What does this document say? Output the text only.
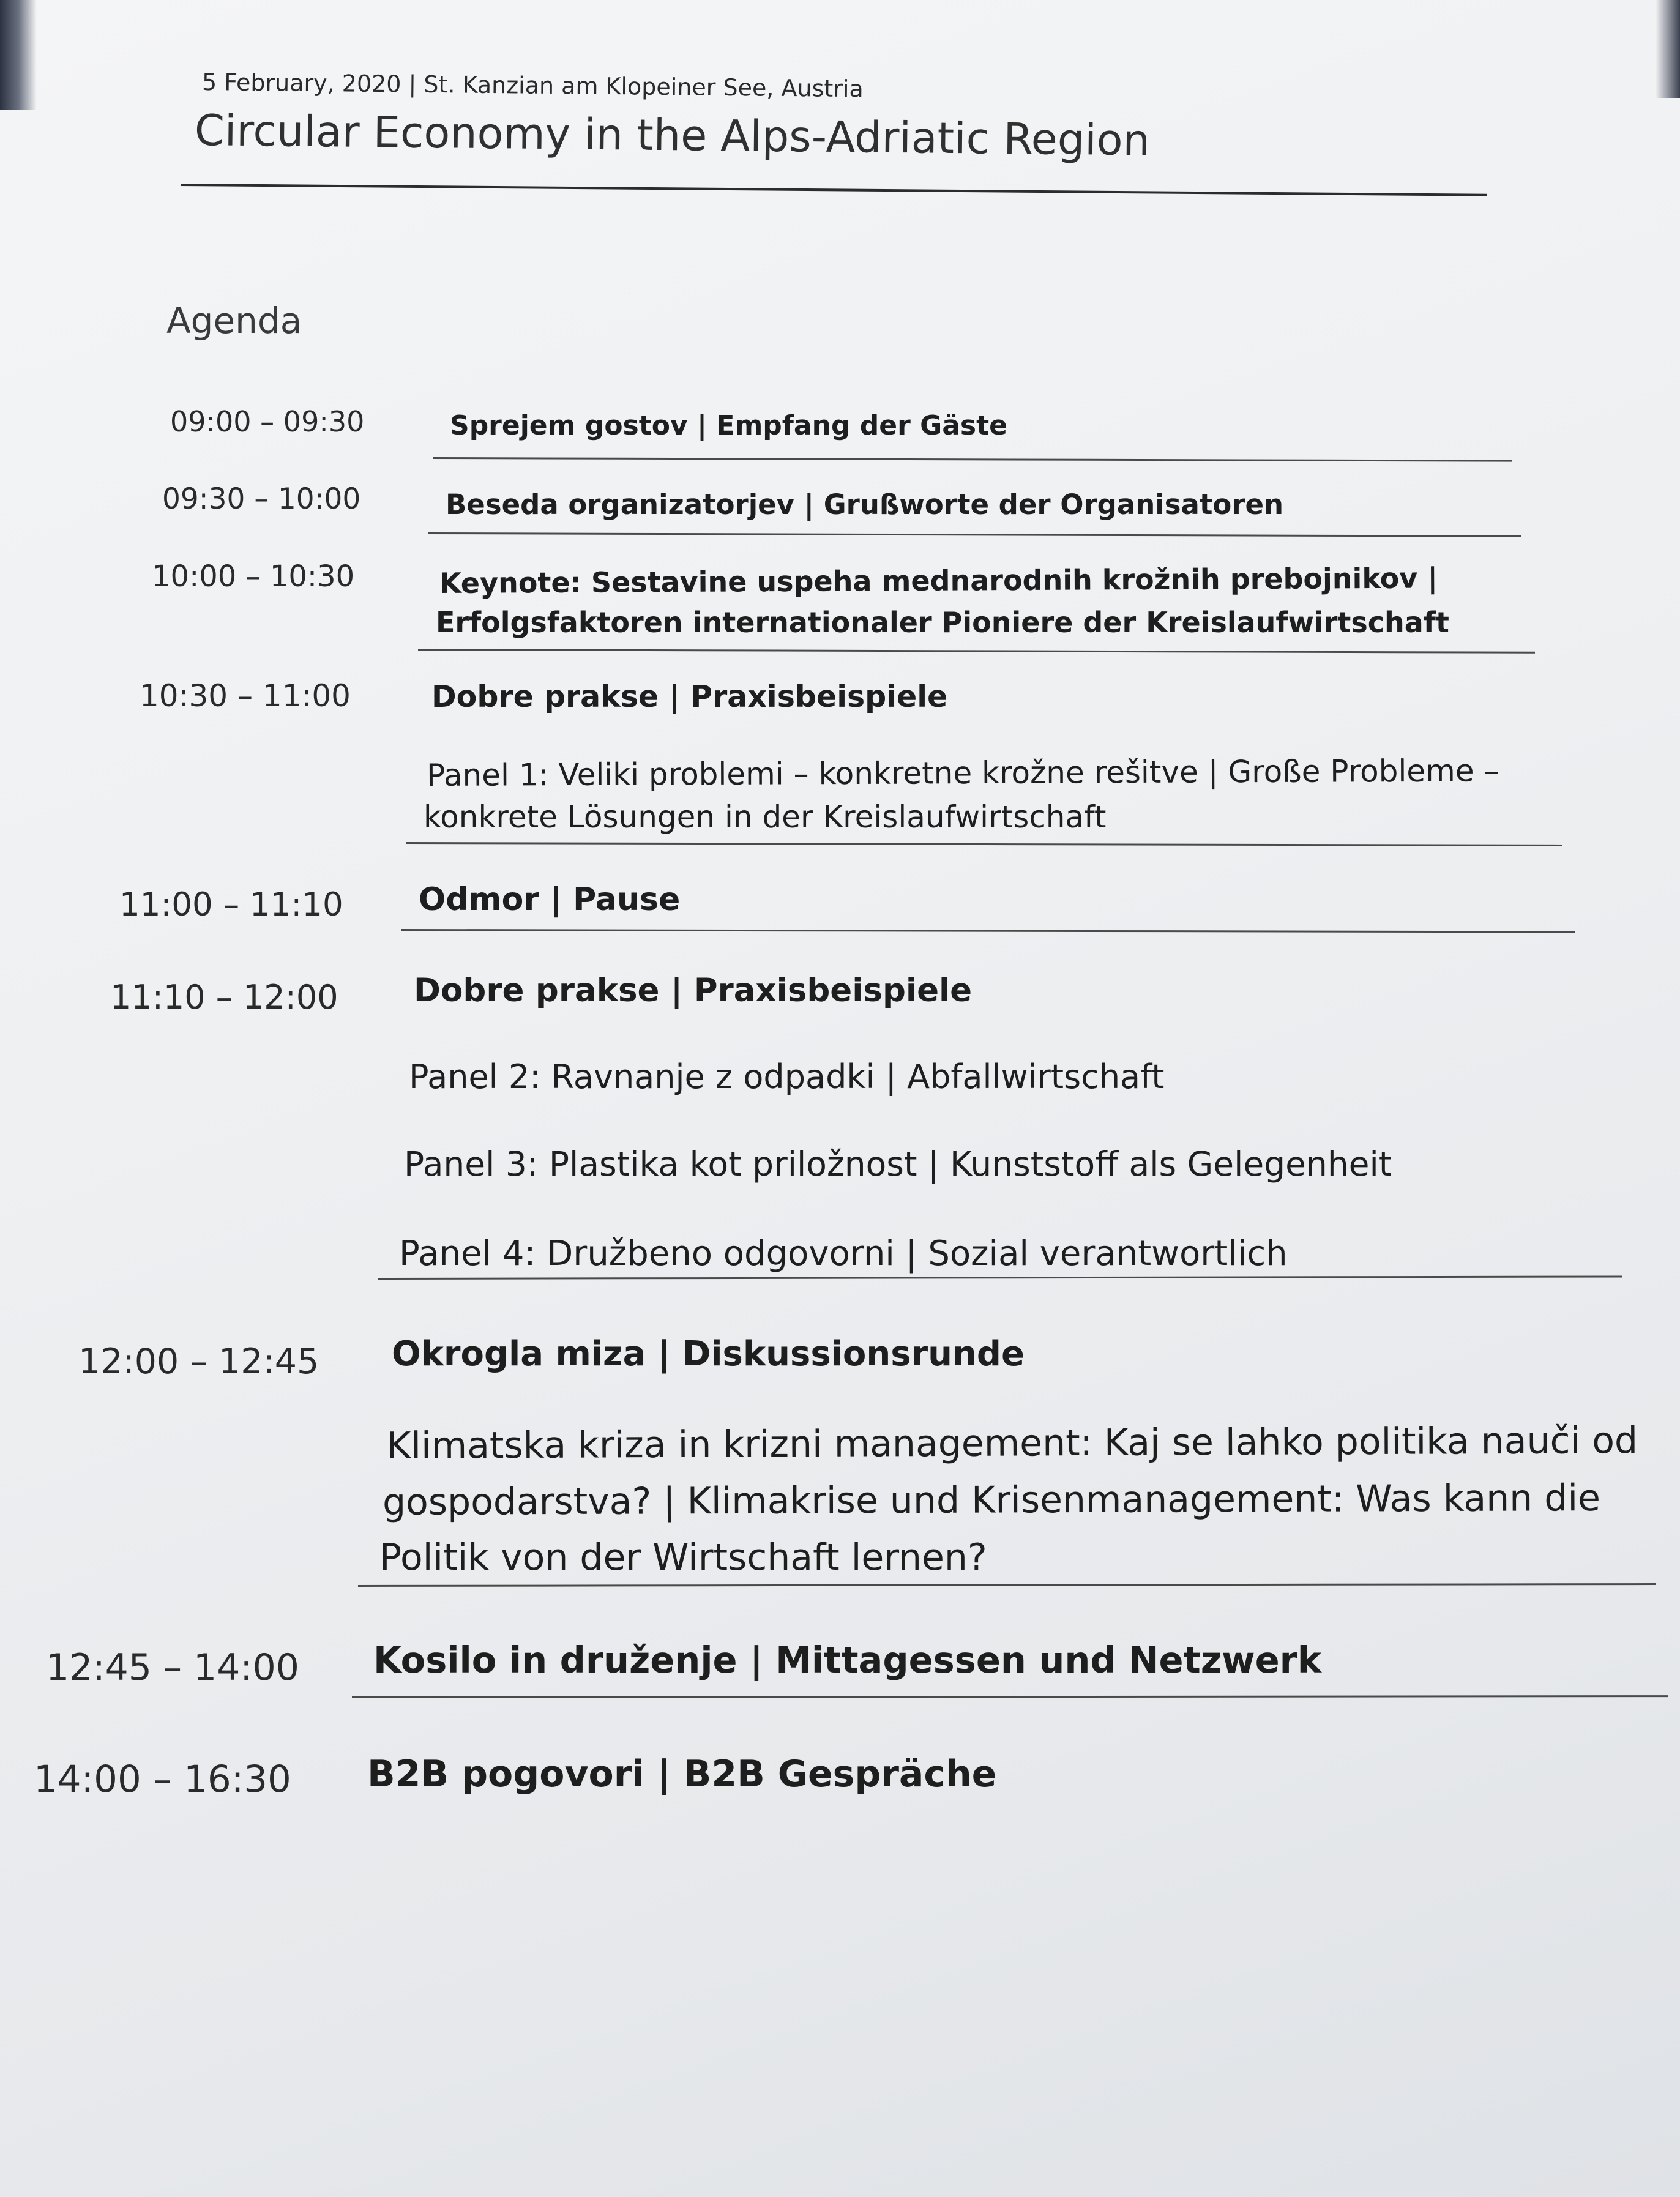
5 February, 2020 | St. Kanzian am Klopeiner See, Austria
Circular Economy in the Alps-Adriatic Region
Agenda
09:00 – 09:30	Sprejem gostov | Empfang der Gäste
09:30 – 10:00	Beseda organizatorjev | Grußworte der Organisatoren
10:00 – 10:30	Keynote: Sestavine uspeha mednarodnih krožnih prebojnikov |
Erfolgsfaktoren internationaler Pioniere der Kreislaufwirtschaft
10:30 – 11:00	Dobre prakse | Praxisbeispiele
Panel 1: Veliki problemi – konkretne krožne rešitve | Große Probleme –
konkrete Lösungen in der Kreislaufwirtschaft
11:00 – 11:10 Odmor | Pause
11:10 – 12:00 Dobre prakse | Praxisbeispiele
Panel 2: Ravnanje z odpadki | Abfallwirtschaft
Panel 3: Plastika kot priložnost | Kunststoff als Gelegenheit
Panel 4: Družbeno odgovorni | Sozial verantwortlich
12:00 – 12:45 Okrogla miza | Diskussionsrunde
Klimatska kriza in krizni management: Kaj se lahko politika nauči od
gospodarstva? | Klimakrise und Krisenmanagement: Was kann die
Politik von der Wirtschaft lernen?
12:45 – 14:00 Kosilo in druženje | Mittagessen und Netzwerk
14:00 – 16:30 B2B pogovori | B2B Gespräche
